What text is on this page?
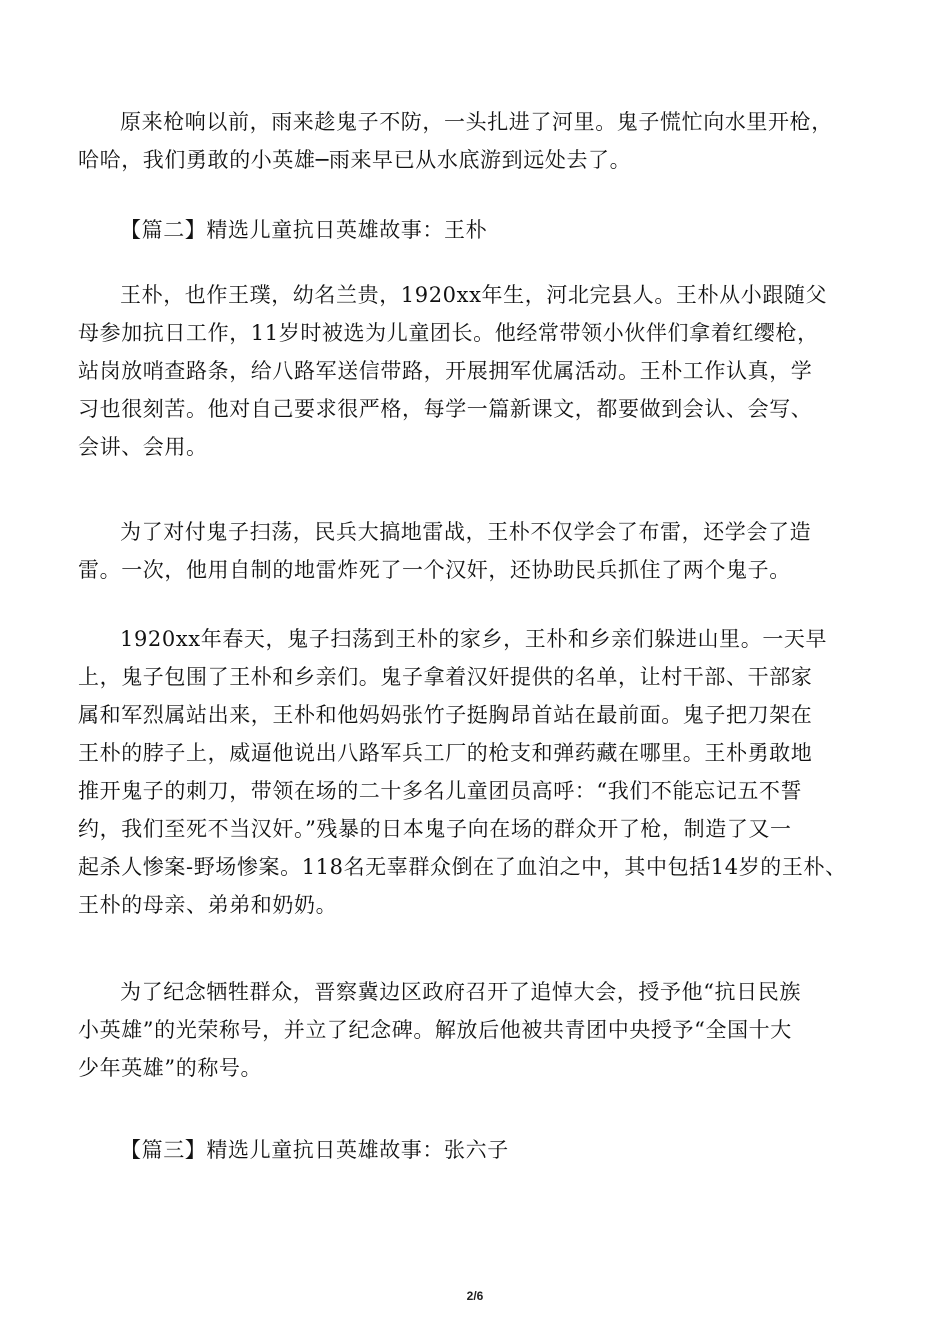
原来枪响以前，雨来趁鬼子不防，一头扎进了河里。鬼子慌忙向水里开枪，
哈哈，我们勇敢的小英雄─雨来早已从水底游到远处去了。

【篇二】精选儿童抗日英雄故事：王朴

王朴，也作王璞，幼名兰贵，1920xx年生，河北完县人。王朴从小跟随父
母参加抗日工作，11岁时被选为儿童团长。他经常带领小伙伴们拿着红缨枪，
站岗放哨查路条，给八路军送信带路，开展拥军优属活动。王朴工作认真，学
习也很刻苦。他对自己要求很严格，每学一篇新课文，都要做到会认、会写、
会讲、会用。

为了对付鬼子扫荡，民兵大搞地雷战，王朴不仅学会了布雷，还学会了造
雷。一次，他用自制的地雷炸死了一个汉奸，还协助民兵抓住了两个鬼子。

1920xx年春天，鬼子扫荡到王朴的家乡，王朴和乡亲们躲进山里。一天早
上，鬼子包围了王朴和乡亲们。鬼子拿着汉奸提供的名单，让村干部、干部家
属和军烈属站出来，王朴和他妈妈张竹子挺胸昂首站在最前面。鬼子把刀架在
王朴的脖子上，威逼他说出八路军兵工厂的枪支和弹药藏在哪里。王朴勇敢地
推开鬼子的刺刀，带领在场的二十多名儿童团员高呼：“我们不能忘记五不誓
约，我们至死不当汉奸。”残暴的日本鬼子向在场的群众开了枪，制造了又一
起杀人惨案-野场惨案。118名无辜群众倒在了血泊之中，其中包括14岁的王朴、
王朴的母亲、弟弟和奶奶。

为了纪念牺牲群众，晋察冀边区政府召开了追悼大会，授予他“抗日民族
小英雄”的光荣称号，并立了纪念碑。解放后他被共青团中央授予“全国十大
少年英雄”的称号。

【篇三】精选儿童抗日英雄故事：张六子

2/6
